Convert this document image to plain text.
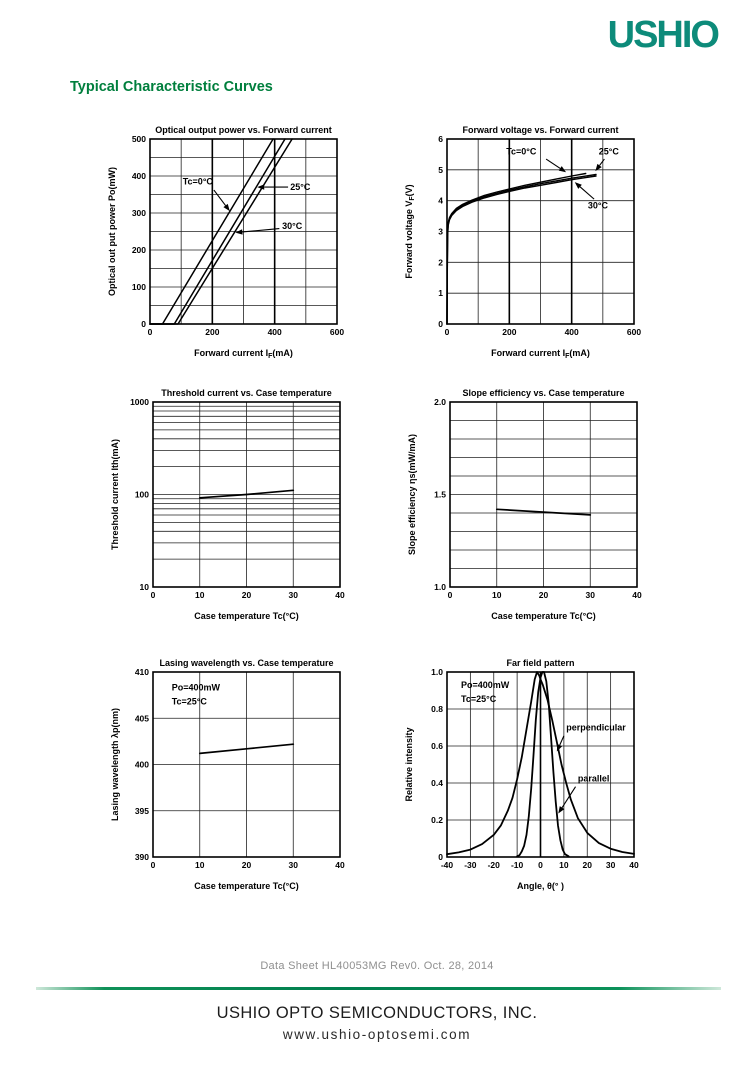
USHIO
Typical Characteristic Curves
0	200	400	600
0
100
200
300
400
500
Tc=0°C
25°C
30°C
Optical output power vs. Forward current
Forward current $I_F(mA)$
Optical out put power Po(mW)
0	200	400	600
0
1
2
3
4
5
6
Tc=0°C	25°C
30°C
Forward voltage vs. Forward current
Forward current $I_F(mA)$
Forward voltage $V_F(V)$
0	10	20	30	40
10
100
1000
Threshold current vs. Case temperature
Case temperature Tc(°C)
Threshold current Ith(mA)
0	10	20	30	40
1.0
1.5
2.0
Slope efficiency vs. Case temperature
Case temperature Tc(°C)
Slope efficiency ηs(mW/mA)
0	10	20	30	40
390
395
400
405
410
Po=400mW
Tc=25°C
Lasing wavelength vs. Case temperature
Case temperature Tc(°C)
Lasing wavelength λp(nm)
-40 -30 -20 -10 0 10 20 30 40
0
0.2
0.4
0.6
0.8
1.0
Po=400mW
Tc=25°C
perpendicular
parallel
Far field pattern
Angle, θ(° )
Relative intensity
Data Sheet HL40053MG Rev0. Oct. 28, 2014
USHIO OPTO SEMICONDUCTORS, INC.
www.ushio-optosemi.com
